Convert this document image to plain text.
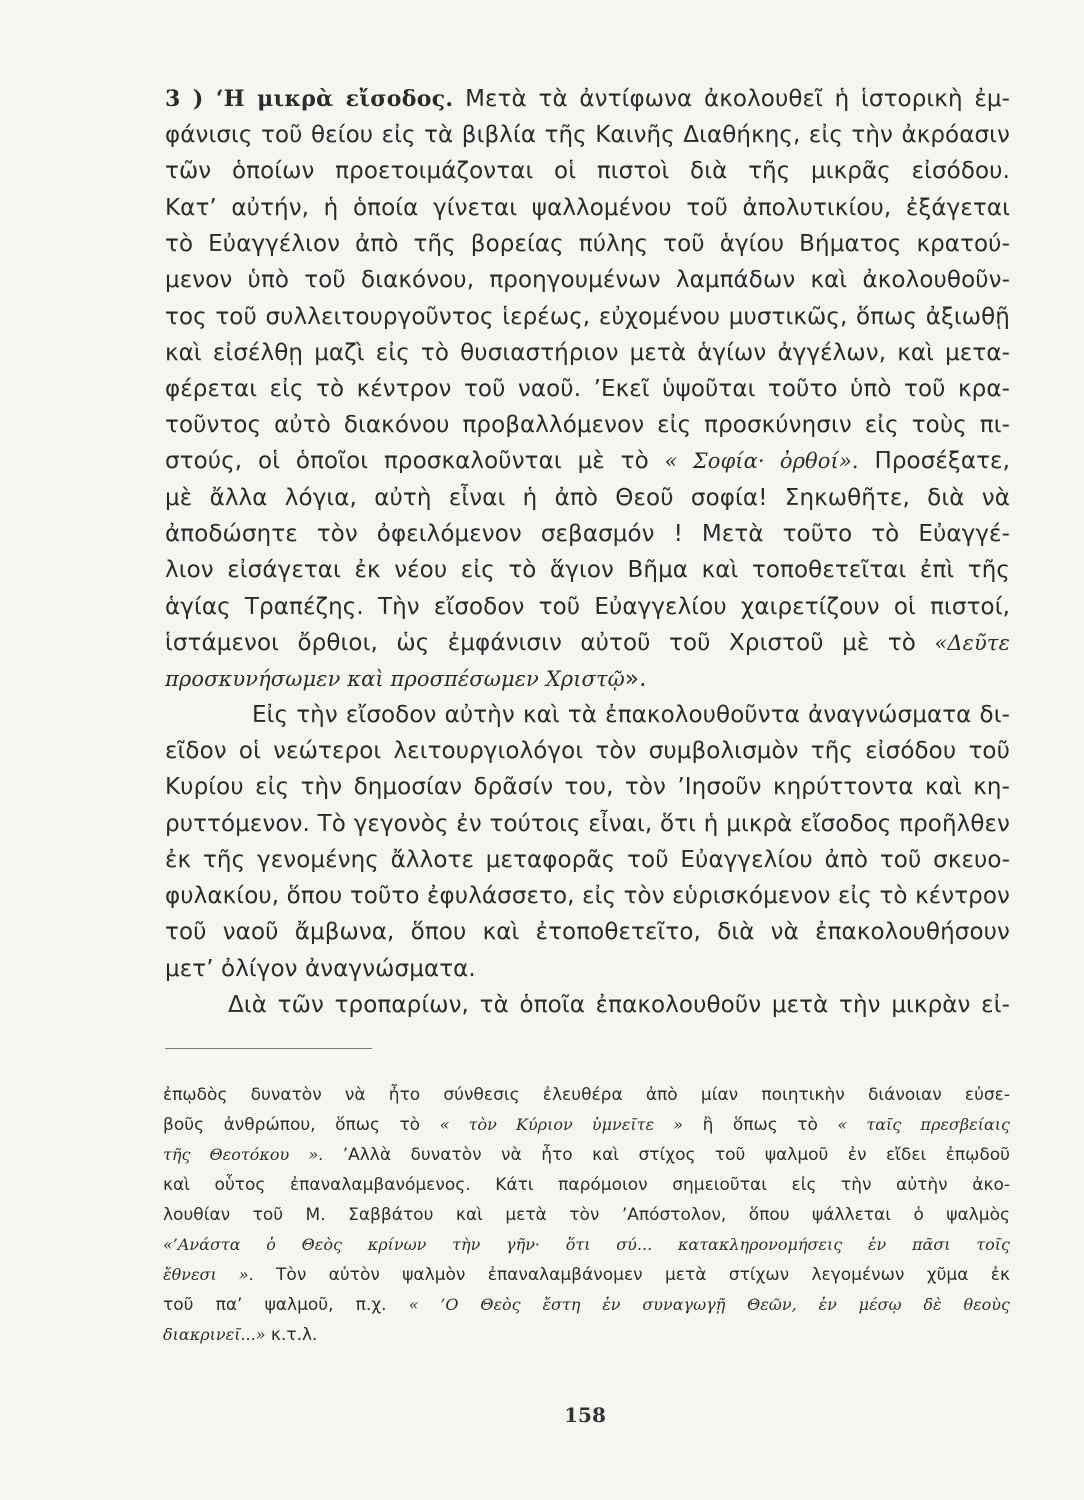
3 ) ‘Η μικρὰ εἴσοδος. Μετὰ τὰ ἀντίφωνα ἀκολουθεῖ ἡ ἱστορικὴ ἐμ-
φάνισις τοῦ θείου εἰς τὰ βιβλία τῆς Καινῆς Διαθήκης, εἰς τὴν ἀκρόασιν
τῶν ὁποίων προετοιμάζονται οἱ πιστοὶ διὰ τῆς μικρᾶς εἰσόδου.
Κατ’ αὐτήν, ἡ ὁποία γίνεται ψαλλομένου τοῦ ἀπολυτικίου, ἐξάγεται
τὸ Εὐαγγέλιον ἀπὸ τῆς βορείας πύλης τοῦ ἁγίου Βήματος κρατού-
μενον ὑπὸ τοῦ διακόνου, προηγουμένων λαμπάδων καὶ ἀκολουθοῦν-
τος τοῦ συλλειτουργοῦντος ἱερέως, εὐχομένου μυστικῶς, ὅπως ἀξιωθῇ
καὶ εἰσέλθῃ μαζὶ εἰς τὸ θυσιαστήριον μετὰ ἁγίων ἀγγέλων, καὶ μετα-
φέρεται εἰς τὸ κέντρον τοῦ ναοῦ. ’Εκεῖ ὑψοῦται τοῦτο ὑπὸ τοῦ κρα-
τοῦντος αὐτὸ διακόνου προβαλλόμενον εἰς προσκύνησιν εἰς τοὺς πι-
στούς, οἱ ὁποῖοι προσκαλοῦνται μὲ τὸ « Σοφία· ὀρθοί». Προσέξατε,
μὲ ἄλλα λόγια, αὐτὴ εἶναι ἡ ἀπὸ Θεοῦ σοφία! Σηκωθῆτε, διὰ νὰ
ἀποδώσητε τὸν ὀφειλόμενον σεβασμόν ! Μετὰ τοῦτο τὸ Εὐαγγέ-
λιον εἰσάγεται ἐκ νέου εἰς τὸ ἅγιον Βῆμα καὶ τοποθετεῖται ἐπὶ τῆς
ἁγίας Τραπέζης. Τὴν εἴσοδον τοῦ Εὐαγγελίου χαιρετίζουν οἱ πιστοί,
ἱστάμενοι ὄρθιοι, ὡς ἐμφάνισιν αὐτοῦ τοῦ Χριστοῦ μὲ τὸ «Δεῦτε
προσκυνήσωμεν καὶ προσπέσωμεν Χριστῷ».
Εἰς τὴν εἴσοδον αὐτὴν καὶ τὰ ἐπακολουθοῦντα ἀναγνώσματα δι-
εῖδον οἱ νεώτεροι λειτουργιολόγοι τὸν συμβολισμὸν τῆς εἰσόδου τοῦ
Κυρίου εἰς τὴν δημοσίαν δρᾶσίν του, τὸν ’Ιησοῦν κηρύττοντα καὶ κη-
ρυττόμενον. Τὸ γεγονὸς ἐν τούτοις εἶναι, ὅτι ἡ μικρὰ εἴσοδος προῆλθεν
ἐκ τῆς γενομένης ἄλλοτε μεταφορᾶς τοῦ Εὐαγγελίου ἀπὸ τοῦ σκευο-
φυλακίου, ὅπου τοῦτο ἐφυλάσσετο, εἰς τὸν εὑρισκόμενον εἰς τὸ κέντρον
τοῦ ναοῦ ἄμβωνα, ὅπου καὶ ἐτοποθετεῖτο, διὰ νὰ ἐπακολουθήσουν
μετ’ ὀλίγον ἀναγνώσματα.
Διὰ τῶν τροπαρίων, τὰ ὁποῖα ἐπακολουθοῦν μετὰ τὴν μικρὰν εἰ-
ἐπῳδὸς δυνατὸν νὰ ἦτο σύνθεσις ἐλευθέρα ἀπὸ μίαν ποιητικὴν διάνοιαν εὐσε-
βοῦς ἀνθρώπου, ὅπως τὸ « τὸν Κύριον ὑμνεῖτε » ἢ ὅπως τὸ « ταῖς πρεσβείαις
τῆς Θεοτόκου ». ’Αλλὰ δυνατὸν νὰ ἦτο καὶ στίχος τοῦ ψαλμοῦ ἐν εἴδει ἐπῳδοῦ
καὶ οὗτος ἐπαναλαμβανόμενος. Κάτι παρόμοιον σημειοῦται εἰς τὴν αὐτὴν ἀκο-
λουθίαν τοῦ Μ. Σαββάτου καὶ μετὰ τὸν ’Απόστολον, ὅπου ψάλλεται ὁ ψαλμὸς
«’Ανάστα ὁ Θεὸς κρίνων τὴν γῆν· ὅτι σύ... κατακληρονομήσεις ἐν πᾶσι τοῖς
ἔθνεσι ». Τὸν αὐτὸν ψαλμὸν ἐπαναλαμβάνομεν μετὰ στίχων λεγομένων χῦμα ἐκ
τοῦ πα’ ψαλμοῦ, π.χ. « ’Ο Θεὸς ἔστη ἐν συναγωγῇ Θεῶν, ἐν μέσῳ δὲ θεοὺς
διακρινεῖ...» κ.τ.λ.
158
